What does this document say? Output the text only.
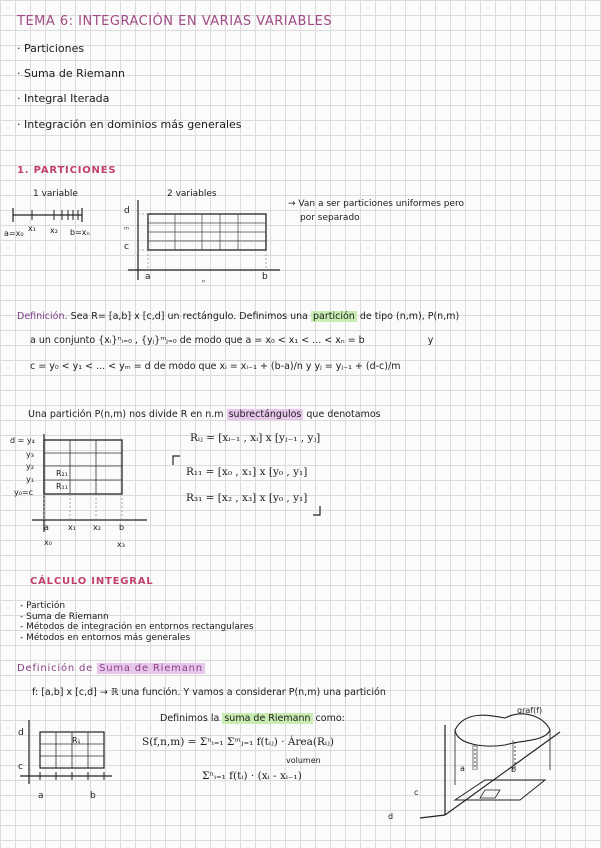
TEMA 6: INTEGRACIÓN EN VARIAS VARIABLES
· Particiones
· Suma de Riemann
· Integral Iterada
· Integración en dominios más generales
1. PARTICIONES
1 variable
a=x₀
x₁ x₂ b=xₙ
2 variables
d
ᵐ
c
a
ⁿ
b
→ Van a ser particiones uniformes pero
por separado
Definición. Sea R= [a,b] x [c,d] un rectángulo. Definimos una partición de tipo (n,m), P(n,m)
a un conjunto {xᵢ}ⁿᵢ₌₀ , {yⱼ}ᵐⱼ₌₀ de modo que a = x₀ < x₁ < ... < xₙ = b	y
c = y₀ < y₁ < ... < yₘ = d de modo que xᵢ = xᵢ₋₁ + (b-a)/n y yⱼ = yⱼ₋₁ + (d-c)/m
Una partición P(n,m) nos divide R en n.m subrectángulos que denotamos
Rᵢⱼ = [xᵢ₋₁ , xᵢ] x [yⱼ₋₁ , yⱼ]
d = y₄
y₃
y₂
y₁
y₀=c
R₂₁
R₁₁
a x₁ x₂ b
x₀	x₃
R₁₁ = [x₀ , x₁] x [y₀ , y₁]
R₃₁ = [x₂ , x₃] x [y₀ , y₁]
CÁLCULO INTEGRAL
- Partición
- Suma de Riemann
- Métodos de integración en entornos rectangulares
- Métodos en entornos más generales
Definición de Suma de Riemann
f: [a,b] x [c,d] → ℝ una función. Y vamos a considerar P(n,m) una partición
Definimos la suma de Riemann como:
S(f,n,m) = Σⁿᵢ₌₁ Σᵐⱼ₌₁ f(tᵢⱼ) · Área(Rᵢⱼ)
volumen
Σⁿᵢ₌₁ f(tᵢ) · (xᵢ - xᵢ₋₁)
d
c
a	b
Rᵢⱼ
graf(f)
a	b
c
d
